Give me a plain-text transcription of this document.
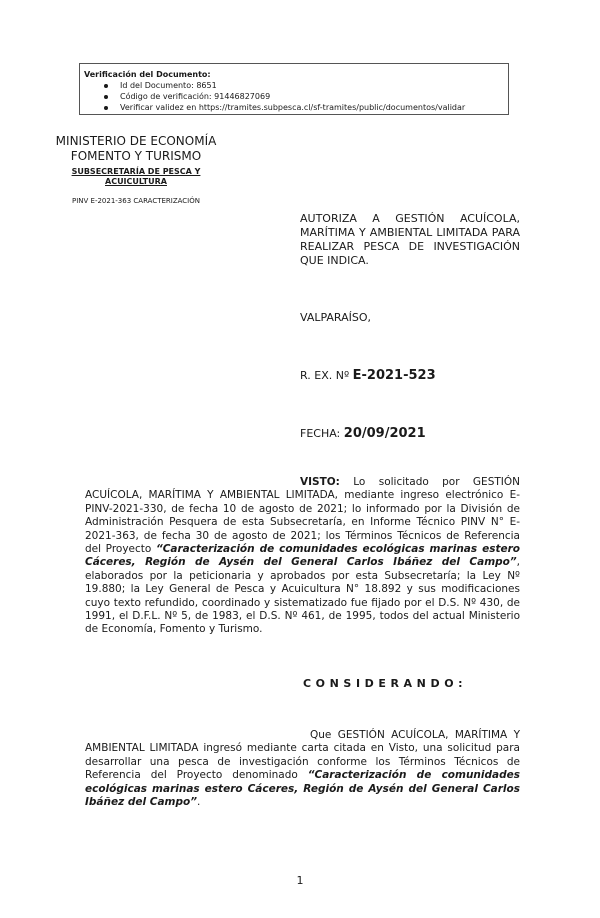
Verificación del Documento:
Id del Documento: 8651
Código de verificación: 91446827069
Verificar validez en https://tramites.subpesca.cl/sf-tramites/public/documentos/validar
MINISTERIO DE ECONOMÍA
FOMENTO Y TURISMO
SUBSECRETARÍA DE PESCA Y
ACUICULTURA
PINV E-2021-363 CARACTERIZACIÓN
AUTORIZA A GESTIÓN ACUÍCOLA, MARÍTIMA Y AMBIENTAL LIMITADA PARA REALIZAR PESCA DE INVESTIGACIÓN QUE INDICA.
VALPARAÍSO,
R. EX. Nº E-2021-523
FECHA: 20/09/2021
VISTO: Lo solicitado por GESTIÓN ACUÍCOLA, MARÍTIMA Y AMBIENTAL LIMITADA, mediante ingreso electrónico E-PINV-2021-330, de fecha 10 de agosto de 2021; lo informado por la División de Administración Pesquera de esta Subsecretaría, en Informe Técnico PINV N° E-2021-363, de fecha 30 de agosto de 2021; los Términos Técnicos de Referencia del Proyecto “Caracterización de comunidades ecológicas marinas estero Cáceres, Región de Aysén del General Carlos Ibáñez del Campo”, elaborados por la peticionaria y aprobados por esta Subsecretaría; la Ley Nº 19.880; la Ley General de Pesca y Acuicultura N° 18.892 y sus modificaciones cuyo texto refundido, coordinado y sistematizado fue fijado por el D.S. Nº 430, de 1991, el D.F.L. Nº 5, de 1983, el D.S. Nº 461, de 1995, todos del actual Ministerio de Economía, Fomento y Turismo.
CONSIDERANDO:
Que GESTIÓN ACUÍCOLA, MARÍTIMA Y AMBIENTAL LIMITADA ingresó mediante carta citada en Visto, una solicitud para desarrollar una pesca de investigación conforme los Términos Técnicos de Referencia del Proyecto denominado “Caracterización de comunidades ecológicas marinas estero Cáceres, Región de Aysén del General Carlos Ibáñez del Campo”.
1
